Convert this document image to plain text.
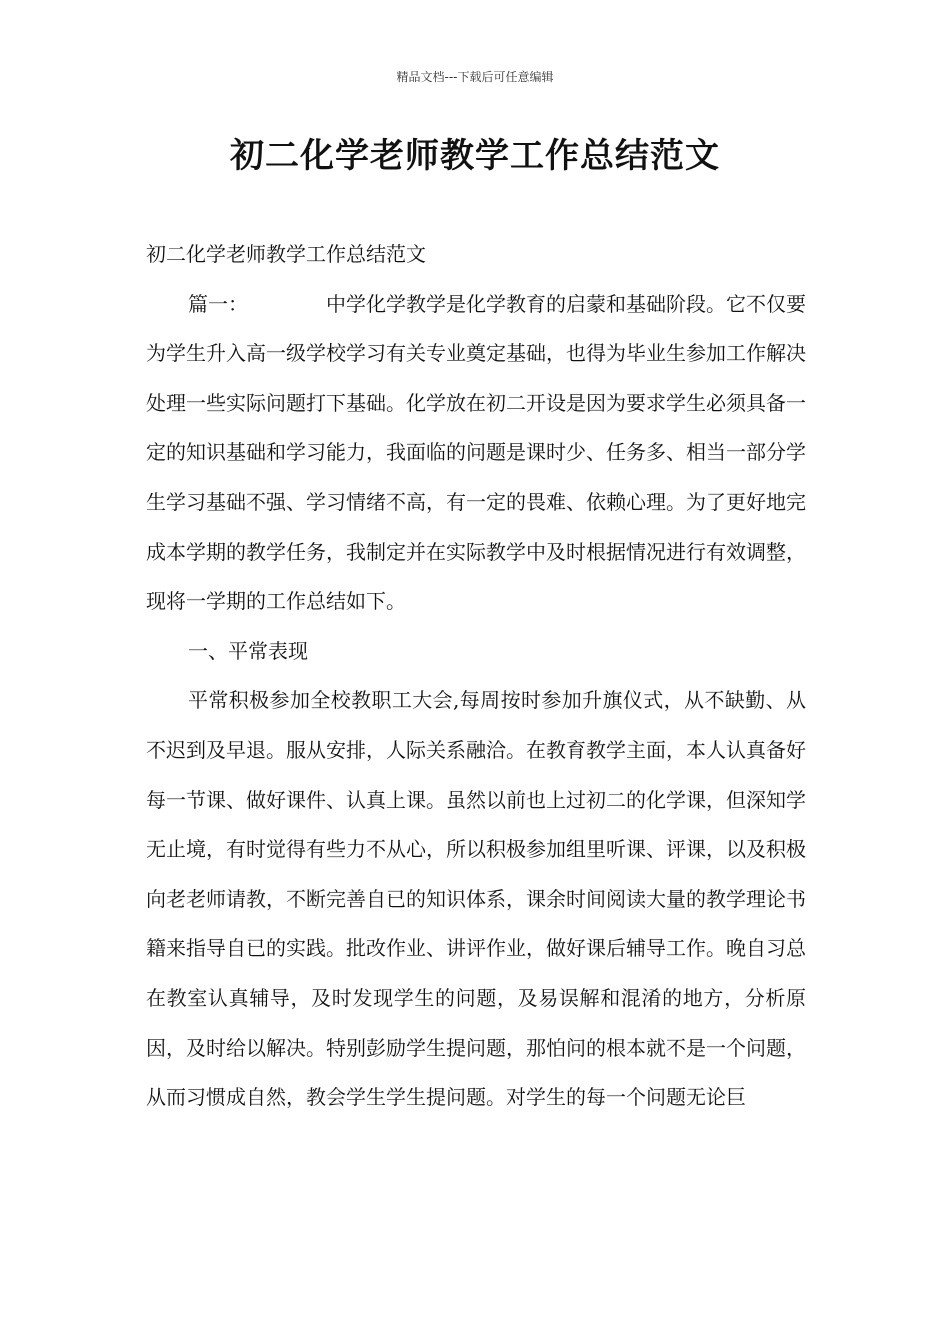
精品文档---下载后可任意编辑
初二化学老师教学工作总结范文

初二化学老师教学工作总结范文

篇一：	中学化学教学是化学教育的启蒙和基础阶段。它不仅要为学生升入高一级学校学习有关专业奠定基础，也得为毕业生参加工作解决处理一些实际问题打下基础。化学放在初二开设是因为要求学生必须具备一定的知识基础和学习能力，我面临的问题是课时少、任务多、相当一部分学生学习基础不强、学习情绪不高，有一定的畏难、依赖心理。为了更好地完成本学期的教学任务，我制定并在实际教学中及时根据情况进行有效调整，现将一学期的工作总结如下。

一、平常表现

平常积极参加全校教职工大会,每周按时参加升旗仪式，从不缺勤、从不迟到及早退。服从安排，人际关系融洽。在教育教学主面，本人认真备好每一节课、做好课件、认真上课。虽然以前也上过初二的化学课，但深知学无止境，有时觉得有些力不从心，所以积极参加组里听课、评课，以及积极向老老师请教，不断完善自已的知识体系，课余时间阅读大量的教学理论书籍来指导自已的实践。批改作业、讲评作业，做好课后辅导工作。晚自习总在教室认真辅导，及时发现学生的问题，及易误解和混淆的地方，分析原因，及时给以解决。特别彭励学生提问题，那怕问的根本就不是一个问题，从而习惯成自然，教会学生学生提问题。对学生的每一个问题无论巨
